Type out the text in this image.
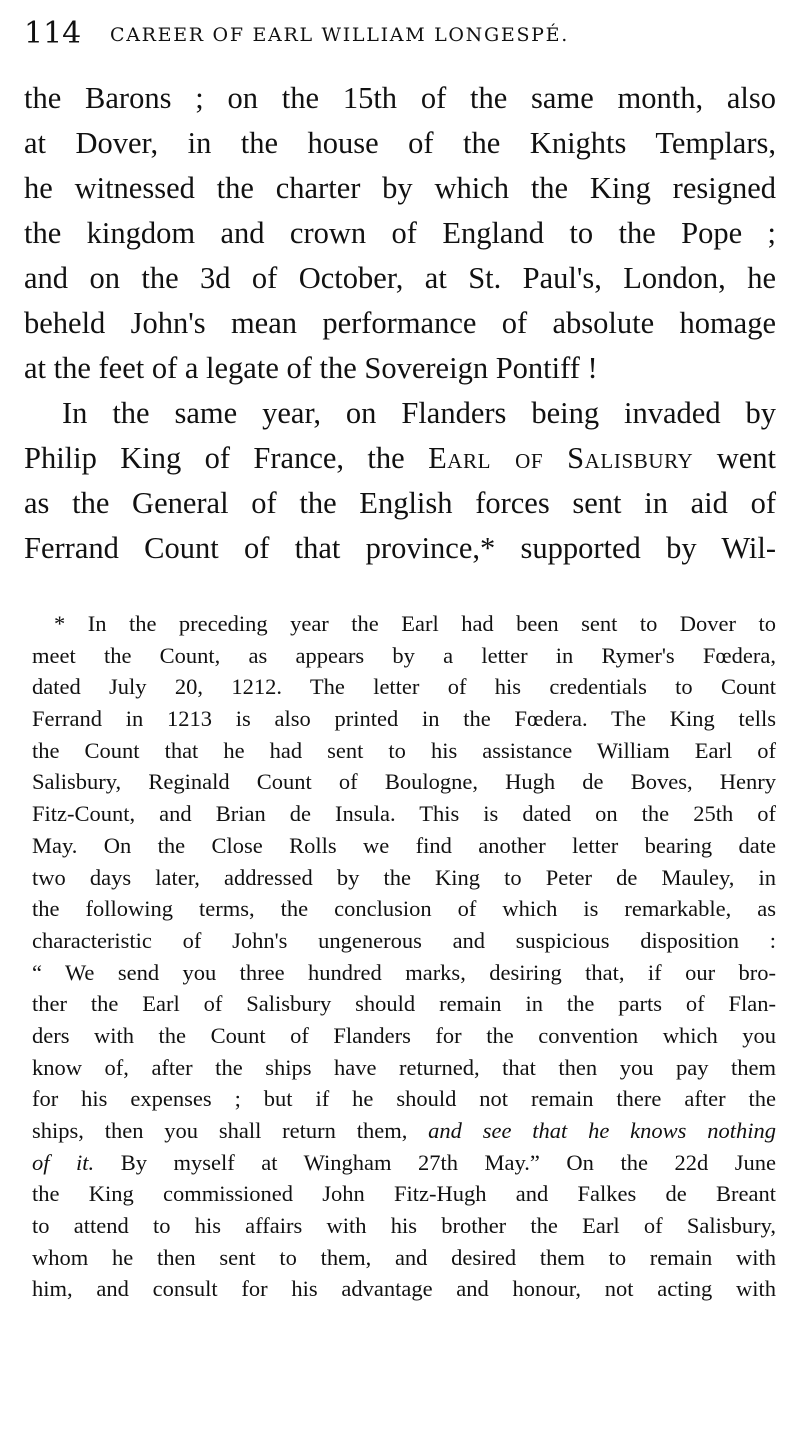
114 CAREER OF EARL WILLIAM LONGESPÉ.
the Barons ; on the 15th of the same month, also
at Dover, in the house of the Knights Templars,
he witnessed the charter by which the King resigned
the kingdom and crown of England to the Pope ;
and on the 3d of October, at St. Paul's, London, he
beheld John's mean performance of absolute homage
at the feet of a legate of the Sovereign Pontiff !
In the same year, on Flanders being invaded by
Philip King of France, the Earl of Salisbury went
as the General of the English forces sent in aid of
Ferrand Count of that province,* supported by Wil-
* In the preceding year the Earl had been sent to Dover to
meet the Count, as appears by a letter in Rymer's Fœdera,
dated July 20, 1212. The letter of his credentials to Count
Ferrand in 1213 is also printed in the Fœdera. The King tells
the Count that he had sent to his assistance William Earl of
Salisbury, Reginald Count of Boulogne, Hugh de Boves, Henry
Fitz-Count, and Brian de Insula. This is dated on the 25th of
May. On the Close Rolls we find another letter bearing date
two days later, addressed by the King to Peter de Mauley, in
the following terms, the conclusion of which is remarkable, as
characteristic of John's ungenerous and suspicious disposition :
“ We send you three hundred marks, desiring that, if our bro-
ther the Earl of Salisbury should remain in the parts of Flan-
ders with the Count of Flanders for the convention which you
know of, after the ships have returned, that then you pay them
for his expenses ; but if he should not remain there after the
ships, then you shall return them, and see that he knows nothing
of it. By myself at Wingham 27th May.” On the 22d June
the King commissioned John Fitz-Hugh and Falkes de Breant
to attend to his affairs with his brother the Earl of Salisbury,
whom he then sent to them, and desired them to remain with
him, and consult for his advantage and honour, not acting with
